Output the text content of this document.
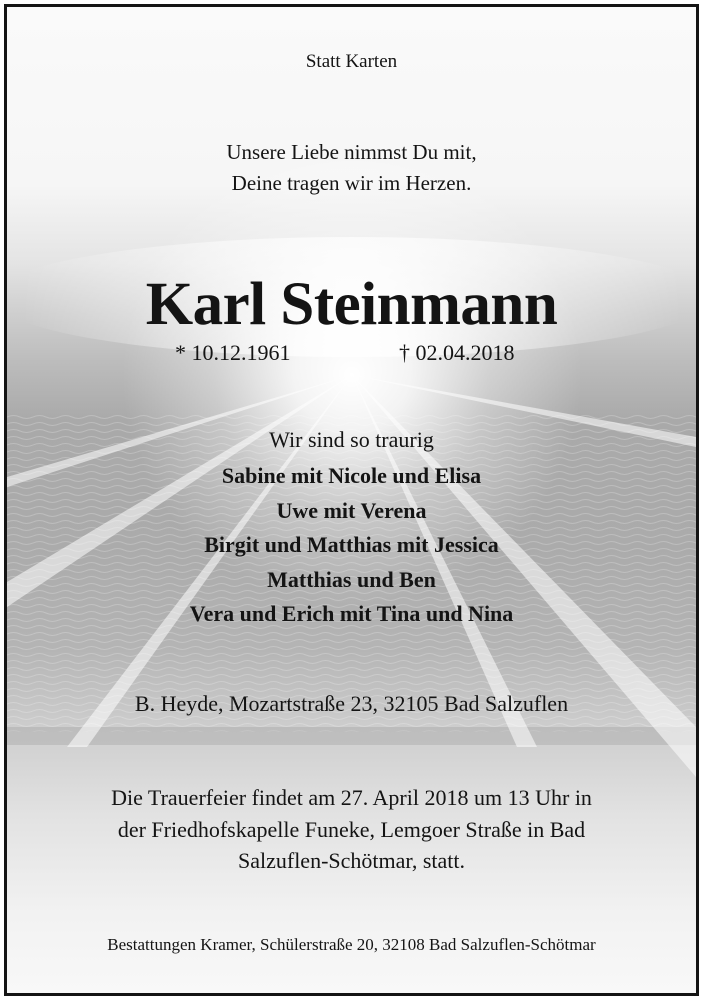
Statt Karten

Unsere Liebe nimmst Du mit,
Deine tragen wir im Herzen.
Karl Steinmann
* 10.12.1961	† 02.04.2018

Wir sind so traurig

Sabine mit Nicole und Elisa
Uwe mit Verena
Birgit und Matthias mit Jessica
Matthias und Ben
Vera und Erich mit Tina und Nina

B. Heyde, Mozartstraße 23, 32105 Bad Salzuflen

Die Trauerfeier findet am 27. April 2018 um 13 Uhr in
der Friedhofskapelle Funeke, Lemgoer Straße in Bad
Salzuflen-Schötmar, statt.

Bestattungen Kramer, Schülerstraße 20, 32108 Bad Salzuflen-Schötmar
